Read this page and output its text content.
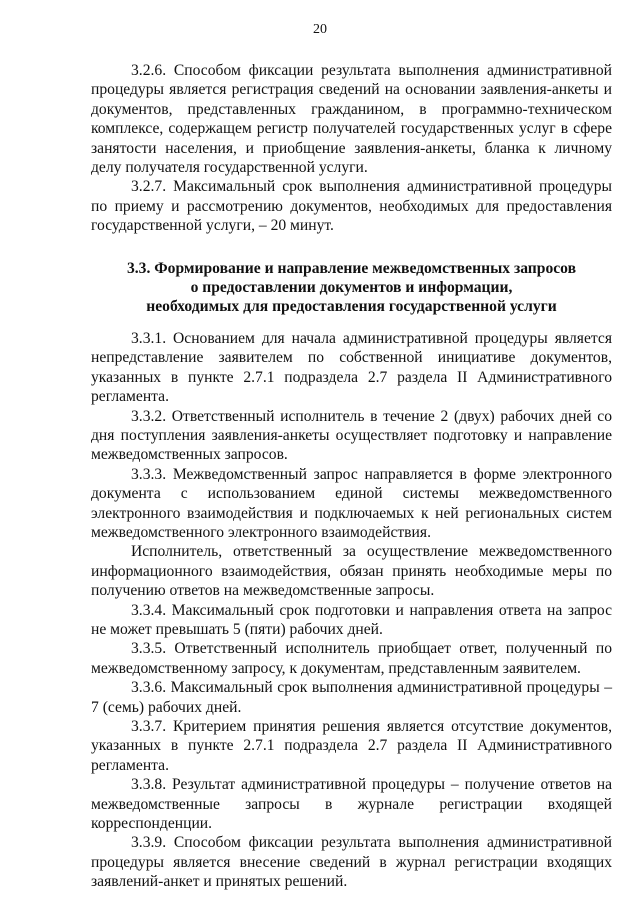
20

3.2.6. Способом фиксации результата выполнения административной процедуры является регистрация сведений на основании заявления-анкеты и документов, представленных гражданином, в программно-техническом комплексе, содержащем регистр получателей государственных услуг в сфере занятости населения, и приобщение заявления-анкеты, бланка к личному делу получателя государственной услуги.

3.2.7. Максимальный срок выполнения административной процедуры по приему и рассмотрению документов, необходимых для предоставления государственной услуги, – 20 минут.

3.3. Формирование и направление межведомственных запросов
о предоставлении документов и информации,
необходимых для предоставления государственной услуги

3.3.1. Основанием для начала административной процедуры является непредставление заявителем по собственной инициативе документов, указанных в пункте 2.7.1 подраздела 2.7 раздела II Административного регламента.

3.3.2. Ответственный исполнитель в течение 2 (двух) рабочих дней со дня поступления заявления-анкеты осуществляет подготовку и направление межведомственных запросов.

3.3.3. Межведомственный запрос направляется в форме электронного документа с использованием единой системы межведомственного электронного взаимодействия и подключаемых к ней региональных систем межведомственного электронного взаимодействия.

Исполнитель, ответственный за осуществление межведомственного информационного взаимодействия, обязан принять необходимые меры по получению ответов на межведомственные запросы.

3.3.4. Максимальный срок подготовки и направления ответа на запрос не может превышать 5 (пяти) рабочих дней.

3.3.5. Ответственный исполнитель приобщает ответ, полученный по межведомственному запросу, к документам, представленным заявителем.

3.3.6. Максимальный срок выполнения административной процедуры – 7 (семь) рабочих дней.

3.3.7. Критерием принятия решения является отсутствие документов, указанных в пункте 2.7.1 подраздела 2.7 раздела II Административного регламента.

3.3.8. Результат административной процедуры – получение ответов на межведомственные запросы в журнале регистрации входящей корреспонденции.

3.3.9. Способом фиксации результата выполнения административной процедуры является внесение сведений в журнал регистрации входящих заявлений-анкет и принятых решений.
